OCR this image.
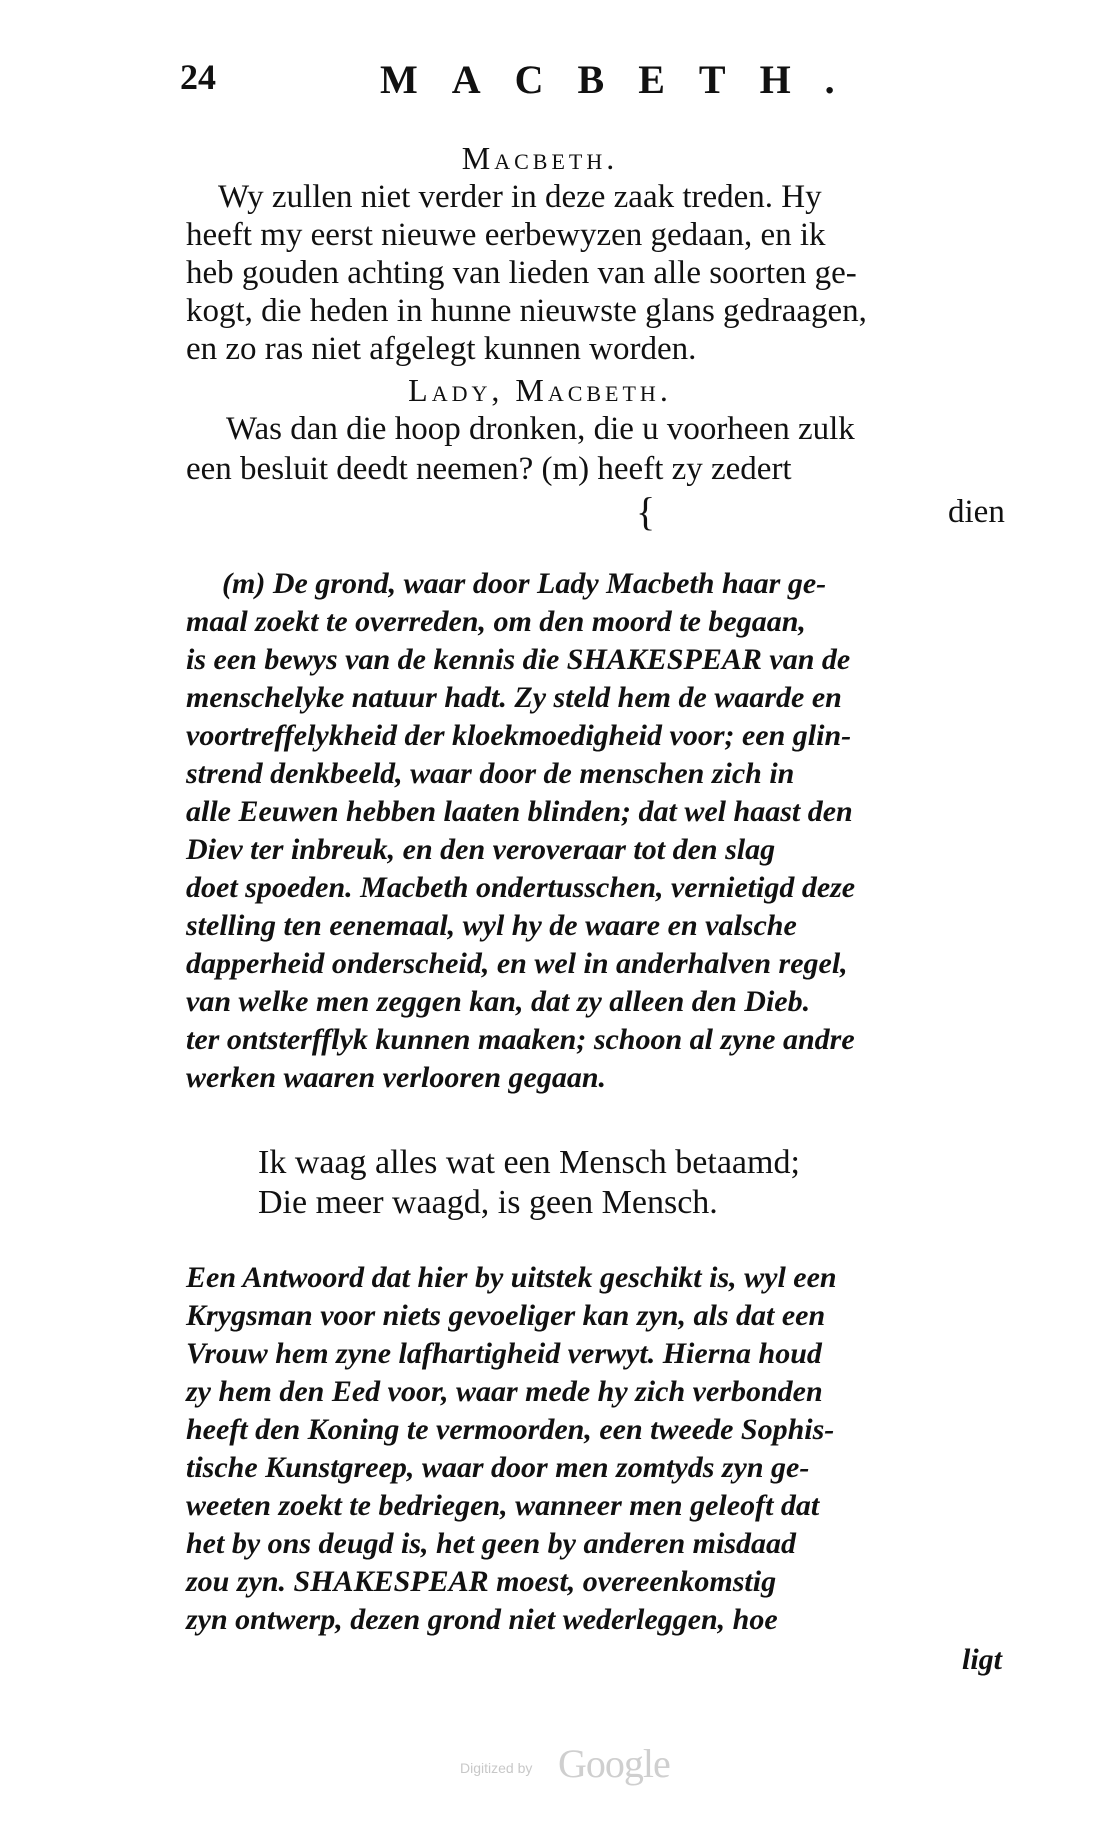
24	MACBETH.
Macbeth.
Wy zullen niet verder in deze zaak treden. Hy
heeft my eerst nieuwe eerbewyzen gedaan, en ik
heb gouden achting van lieden van alle soorten ge-
kogt, die heden in hunne nieuwste glans gedraagen,
en zo ras niet afgelegt kunnen worden.
Lady, Macbeth.
Was dan die hoop dronken, die u voorheen zulk
een besluit deedt neemen? (m) heeft zy zedert
{	dien
(m) De grond, waar door Lady Macbeth haar ge-
maal zoekt te overreden, om den moord te begaan,
is een bewys van de kennis die SHAKESPEAR van de
menschelyke natuur hadt. Zy steld hem de waarde en
voortreffelykheid der kloekmoedigheid voor; een glin-
strend denkbeeld, waar door de menschen zich in
alle Eeuwen hebben laaten blinden; dat wel haast den
Diev ter inbreuk, en den veroveraar tot den slag
doet spoeden. Macbeth ondertusschen, vernietigd deze
stelling ten eenemaal, wyl hy de waare en valsche
dapperheid onderscheid, en wel in anderhalven regel,
van welke men zeggen kan, dat zy alleen den Dieb.
ter ontsterfflyk kunnen maaken; schoon al zyne andre
werken waaren verlooren gegaan.
Ik waag alles wat een Mensch betaamd;
Die meer waagd, is geen Mensch.
Een Antwoord dat hier by uitstek geschikt is, wyl een
Krygsman voor niets gevoeliger kan zyn, als dat een
Vrouw hem zyne lafhartigheid verwyt. Hierna houd
zy hem den Eed voor, waar mede hy zich verbonden
heeft den Koning te vermoorden, een tweede Sophis-
tische Kunstgreep, waar door men zomtyds zyn ge-
weeten zoekt te bedriegen, wanneer men geleoft dat
het by ons deugd is, het geen by anderen misdaad
zou zyn. SHAKESPEAR moest, overeenkomstig
zyn ontwerp, dezen grond niet wederleggen, hoe
ligt
Digitized by Google
